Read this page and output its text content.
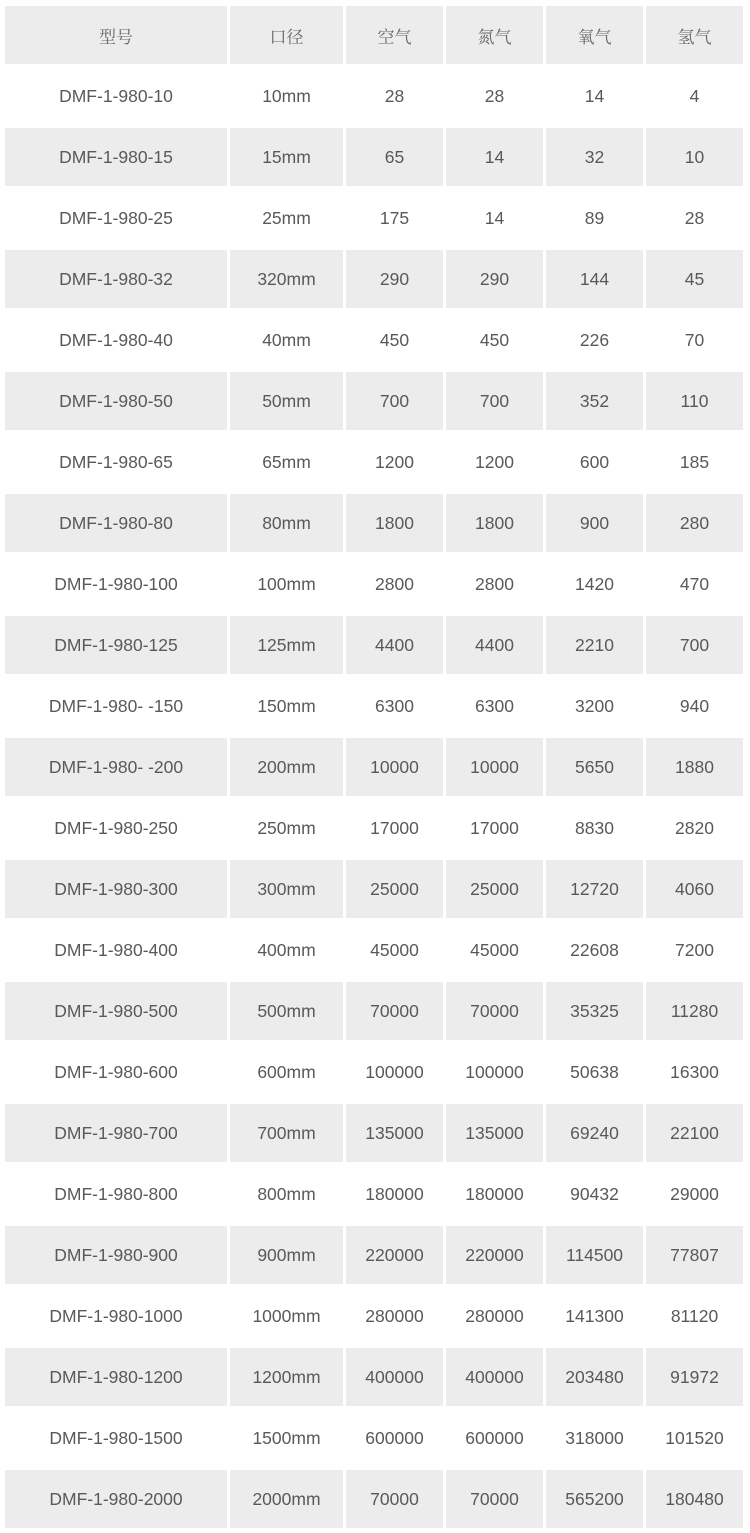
型号	口径	空气	氮气	氧气	氢气
DMF-1-980-10	10mm	28	28	14	4
DMF-1-980-15	15mm	65	14	32	10
DMF-1-980-25	25mm	175	14	89	28
DMF-1-980-32	320mm	290	290	144	45
DMF-1-980-40	40mm	450	450	226	70
DMF-1-980-50	50mm	700	700	352	110
DMF-1-980-65	65mm	1200	1200	600	185
DMF-1-980-80	80mm	1800	1800	900	280
DMF-1-980-100	100mm	2800	2800	1420	470
DMF-1-980-125	125mm	4400	4400	2210	700
DMF-1-980- -150	150mm	6300	6300	3200	940
DMF-1-980- -200	200mm	10000	10000	5650	1880
DMF-1-980-250	250mm	17000	17000	8830	2820
DMF-1-980-300	300mm	25000	25000	12720	4060
DMF-1-980-400	400mm	45000	45000	22608	7200
DMF-1-980-500	500mm	70000	70000	35325	11280
DMF-1-980-600	600mm	100000	100000	50638	16300
DMF-1-980-700	700mm	135000	135000	69240	22100
DMF-1-980-800	800mm	180000	180000	90432	29000
DMF-1-980-900	900mm	220000	220000	114500	77807
DMF-1-980-1000	1000mm	280000	280000	141300	81120
DMF-1-980-1200	1200mm	400000	400000	203480	91972
DMF-1-980-1500	1500mm	600000	600000	318000	101520
DMF-1-980-2000	2000mm	70000	70000	565200	180480
